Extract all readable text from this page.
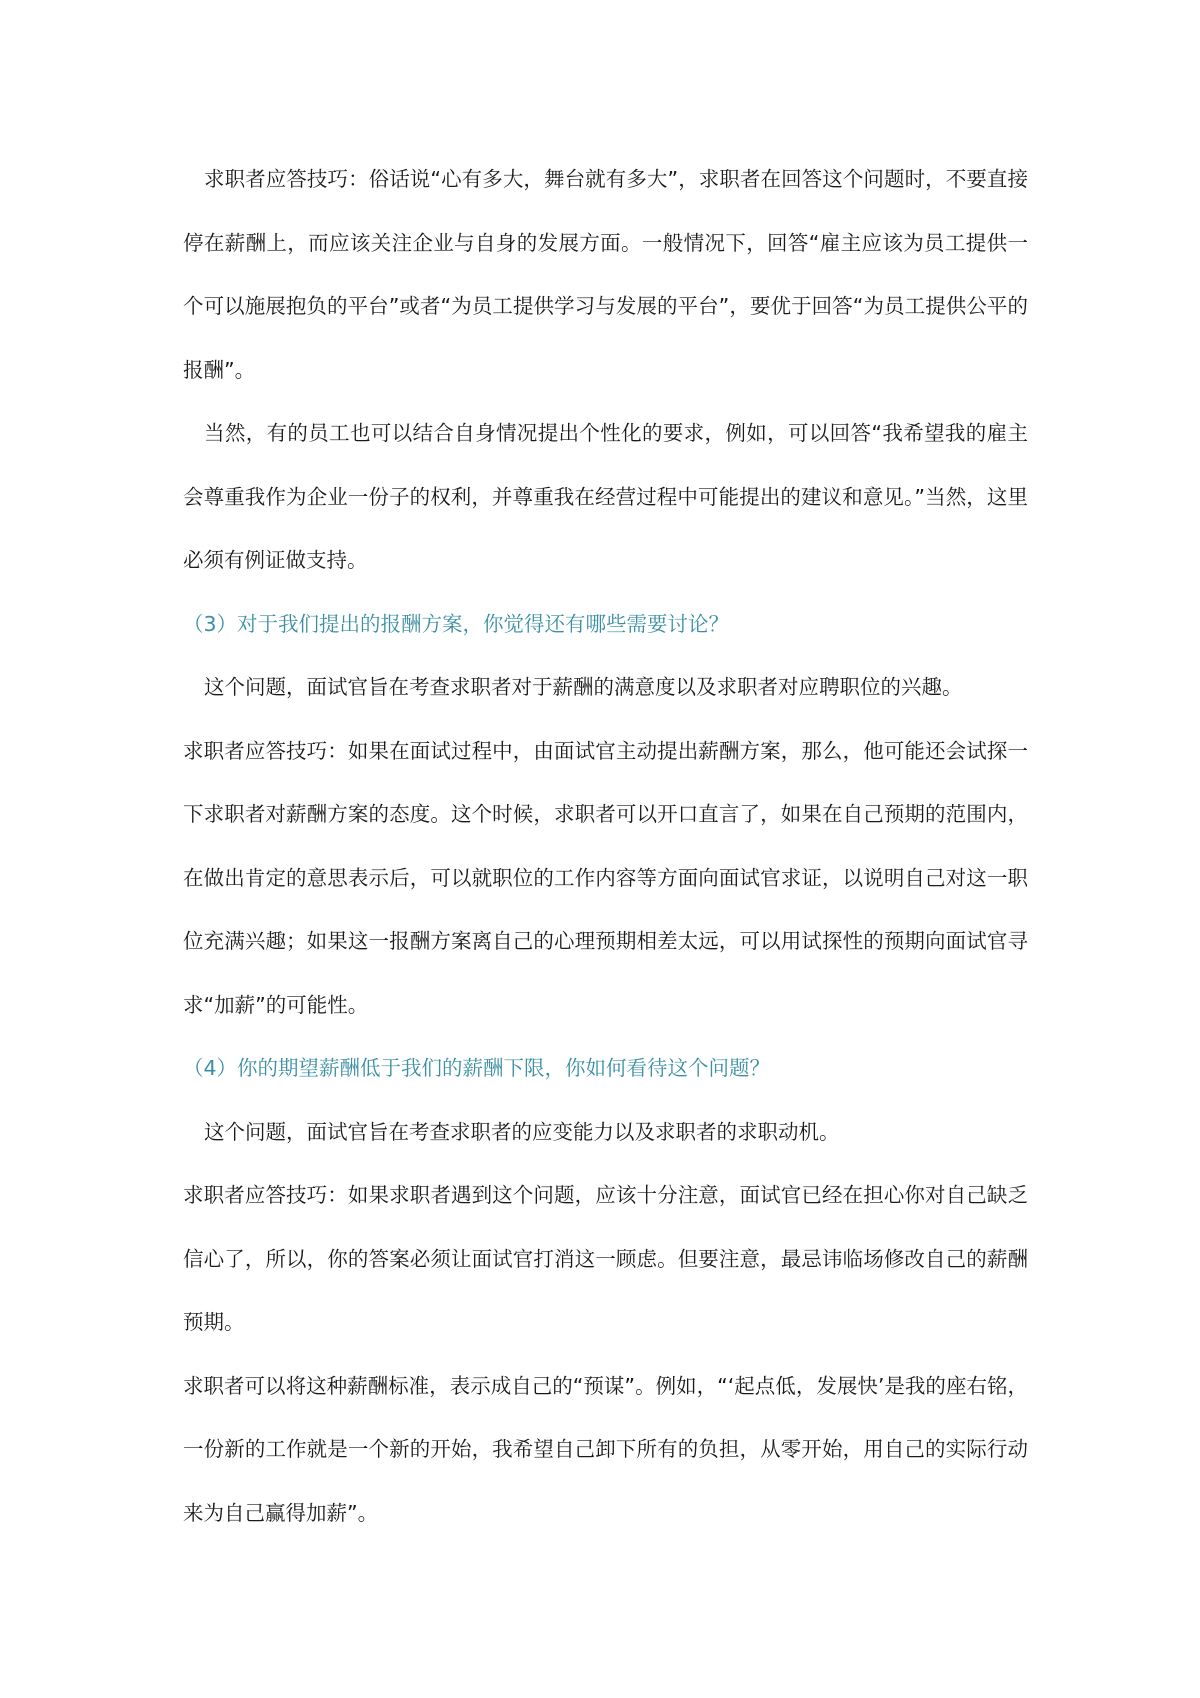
求职者应答技巧：俗话说“心有多大，舞台就有多大”，求职者在回答这个问题时，不要直接停在薪酬上，而应该关注企业与自身的发展方面。一般情况下，回答“雇主应该为员工提供一个可以施展抱负的平台”或者“为员工提供学习与发展的平台”，要优于回答“为员工提供公平的报酬”。

当然，有的员工也可以结合自身情况提出个性化的要求，例如，可以回答“我希望我的雇主会尊重我作为企业一份子的权利，并尊重我在经营过程中可能提出的建议和意见。”当然，这里必须有例证做支持。

（3）对于我们提出的报酬方案，你觉得还有哪些需要讨论？

这个问题，面试官旨在考查求职者对于薪酬的满意度以及求职者对应聘职位的兴趣。

求职者应答技巧：如果在面试过程中，由面试官主动提出薪酬方案，那么，他可能还会试探一下求职者对薪酬方案的态度。这个时候，求职者可以开口直言了，如果在自己预期的范围内，在做出肯定的意思表示后，可以就职位的工作内容等方面向面试官求证，以说明自己对这一职位充满兴趣；如果这一报酬方案离自己的心理预期相差太远，可以用试探性的预期向面试官寻求“加薪”的可能性。

（4）你的期望薪酬低于我们的薪酬下限，你如何看待这个问题？

这个问题，面试官旨在考查求职者的应变能力以及求职者的求职动机。

求职者应答技巧：如果求职者遇到这个问题，应该十分注意，面试官已经在担心你对自己缺乏信心了，所以，你的答案必须让面试官打消这一顾虑。但要注意，最忌讳临场修改自己的薪酬预期。

求职者可以将这种薪酬标准，表示成自己的“预谋”。例如，“‘起点低，发展快’是我的座右铭，一份新的工作就是一个新的开始，我希望自己卸下所有的负担，从零开始，用自己的实际行动来为自己赢得加薪”。
